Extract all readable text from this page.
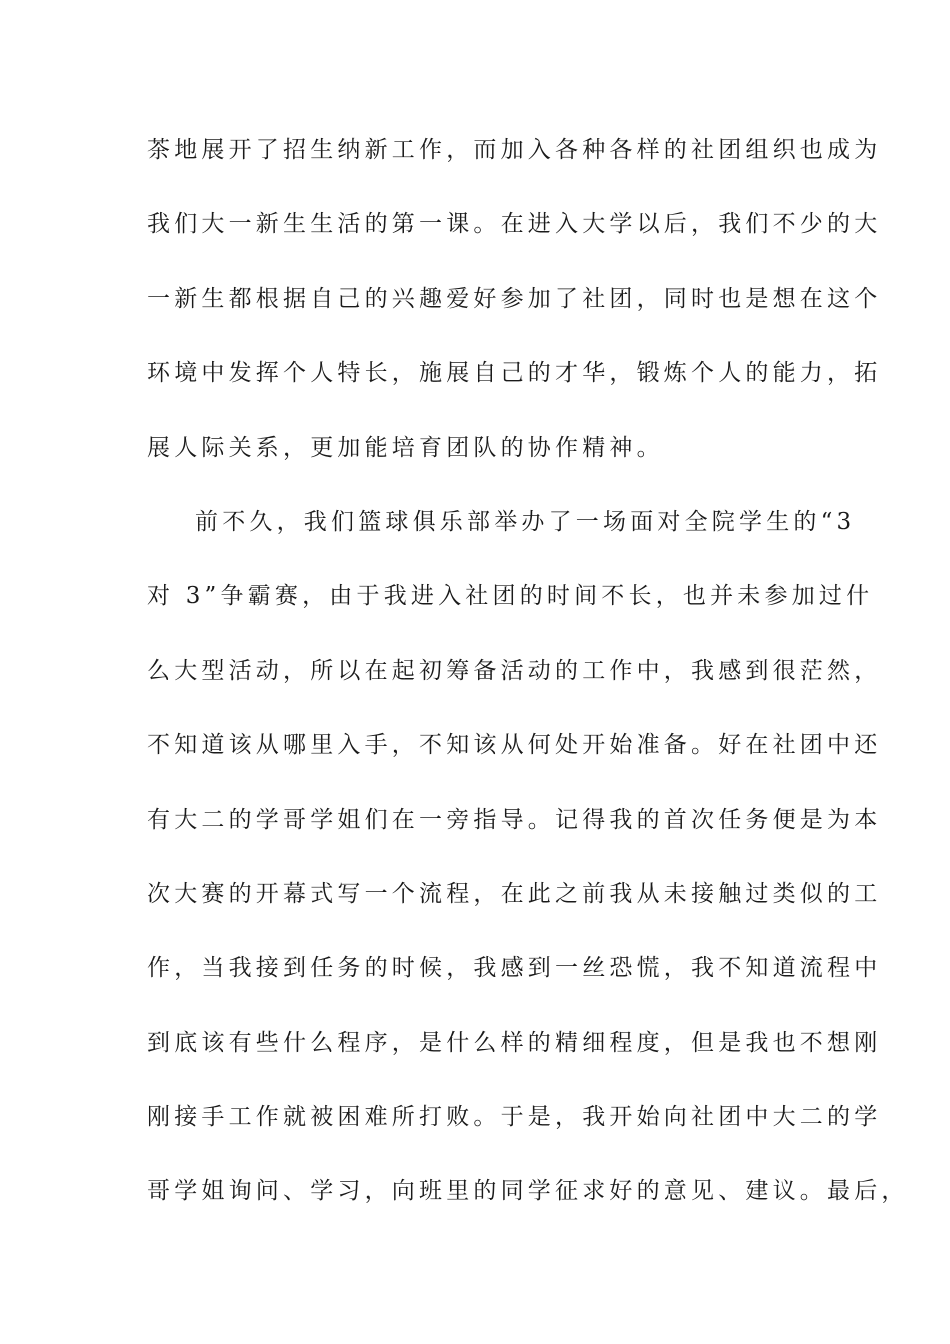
茶地展开了招生纳新工作，而加入各种各样的社团组织也成为
我们大一新生生活的第一课。在进入大学以后，我们不少的大
一新生都根据自己的兴趣爱好参加了社团，同时也是想在这个
环境中发挥个人特长，施展自己的才华，锻炼个人的能力，拓
展人际关系，更加能培育团队的协作精神。
前不久，我们篮球俱乐部举办了一场面对全院学生的“3
对 3”争霸赛，由于我进入社团的时间不长，也并未参加过什
么大型活动，所以在起初筹备活动的工作中，我感到很茫然，
不知道该从哪里入手，不知该从何处开始准备。好在社团中还
有大二的学哥学姐们在一旁指导。记得我的首次任务便是为本
次大赛的开幕式写一个流程，在此之前我从未接触过类似的工
作，当我接到任务的时候，我感到一丝恐慌，我不知道流程中
到底该有些什么程序，是什么样的精细程度，但是我也不想刚
刚接手工作就被困难所打败。于是，我开始向社团中大二的学
哥学姐询问、学习，向班里的同学征求好的意见、建议。最后，
